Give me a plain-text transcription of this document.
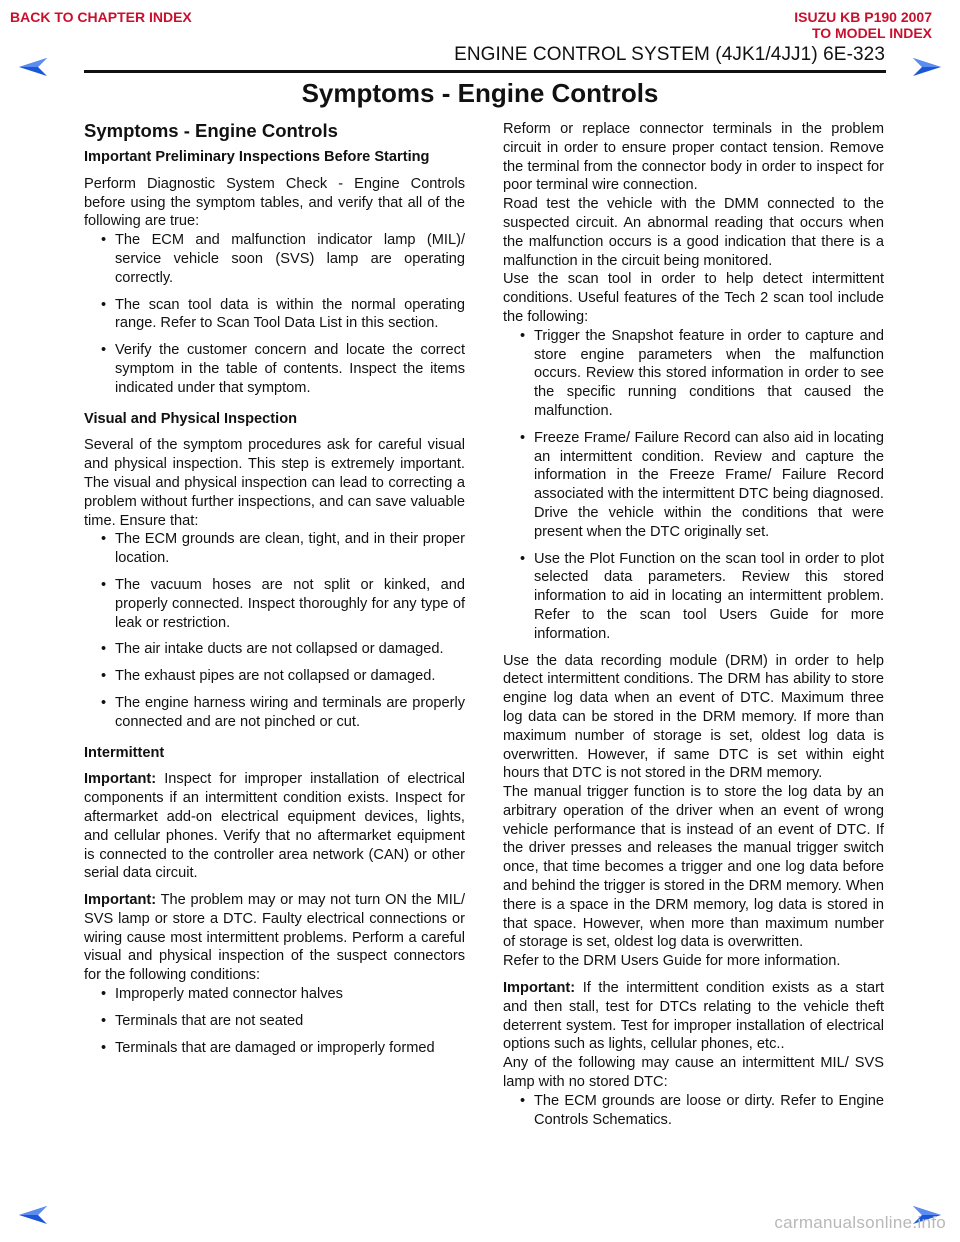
BACK TO CHAPTER INDEX	ISUZU KB P190 2007
TO MODEL INDEX
ENGINE CONTROL SYSTEM (4JK1/4JJ1) 6E-323
Symptoms - Engine Controls
Symptoms - Engine Controls
Important Preliminary Inspections Before Starting

Perform Diagnostic System Check - Engine Controls before using the symptom tables, and verify that all of the following are true:

• The ECM and malfunction indicator lamp (MIL)/ service vehicle soon (SVS) lamp are operating correctly.
• The scan tool data is within the normal operating range. Refer to Scan Tool Data List in this section.
• Verify the customer concern and locate the correct symptom in the table of contents. Inspect the items indicated under that symptom.
Visual and Physical Inspection

Several of the symptom procedures ask for careful visual and physical inspection. This step is extremely important. The visual and physical inspection can lead to correcting a problem without further inspections, and can save valuable time. Ensure that:

• The ECM grounds are clean, tight, and in their proper location.
• The vacuum hoses are not split or kinked, and properly connected. Inspect thoroughly for any type of leak or restriction.
• The air intake ducts are not collapsed or damaged.
• The exhaust pipes are not collapsed or damaged.
• The engine harness wiring and terminals are properly connected and are not pinched or cut.
Intermittent

Important: Inspect for improper installation of electrical components if an intermittent condition exists. Inspect for aftermarket add-on electrical equipment devices, lights, and cellular phones. Verify that no aftermarket equipment is connected to the controller area network (CAN) or other serial data circuit.

Important: The problem may or may not turn ON the MIL/ SVS lamp or store a DTC. Faulty electrical connections or wiring cause most intermittent problems. Perform a careful visual and physical inspection of the suspect connectors for the following conditions:

• Improperly mated connector halves
• Terminals that are not seated
• Terminals that are damaged or improperly formed

Reform or replace connector terminals in the problem circuit in order to ensure proper contact tension. Remove the terminal from the connector body in order to inspect for poor terminal wire connection.

Road test the vehicle with the DMM connected to the suspected circuit. An abnormal reading that occurs when the malfunction occurs is a good indication that there is a malfunction in the circuit being monitored.

Use the scan tool in order to help detect intermittent conditions. Useful features of the Tech 2 scan tool include the following:

• Trigger the Snapshot feature in order to capture and store engine parameters when the malfunction occurs. Review this stored information in order to see the specific running conditions that caused the malfunction.
• Freeze Frame/ Failure Record can also aid in locating an intermittent condition. Review and capture the information in the Freeze Frame/ Failure Record associated with the intermittent DTC being diagnosed. Drive the vehicle within the conditions that were present when the DTC originally set.
• Use the Plot Function on the scan tool in order to plot selected data parameters. Review this stored information to aid in locating an intermittent problem. Refer to the scan tool Users Guide for more information.

Use the data recording module (DRM) in order to help detect intermittent conditions. The DRM has ability to store engine log data when an event of DTC. Maximum three log data can be stored in the DRM memory. If more than maximum number of storage is set, oldest log data is overwritten. However, if same DTC is set within eight hours that DTC is not stored in the DRM memory.

The manual trigger function is to store the log data by an arbitrary operation of the driver when an event of wrong vehicle performance that is instead of an event of DTC. If the driver presses and releases the manual trigger switch once, that time becomes a trigger and one log data before and behind the trigger is stored in the DRM memory. When there is a space in the DRM memory, log data is stored in that space. However, when more than maximum number of storage is set, oldest log data is overwritten.

Refer to the DRM Users Guide for more information.

Important: If the intermittent condition exists as a start and then stall, test for DTCs relating to the vehicle theft deterrent system. Test for improper installation of electrical options such as lights, cellular phones, etc..

Any of the following may cause an intermittent MIL/ SVS lamp with no stored DTC:

• The ECM grounds are loose or dirty. Refer to Engine Controls Schematics.
carmanualsonline.info
